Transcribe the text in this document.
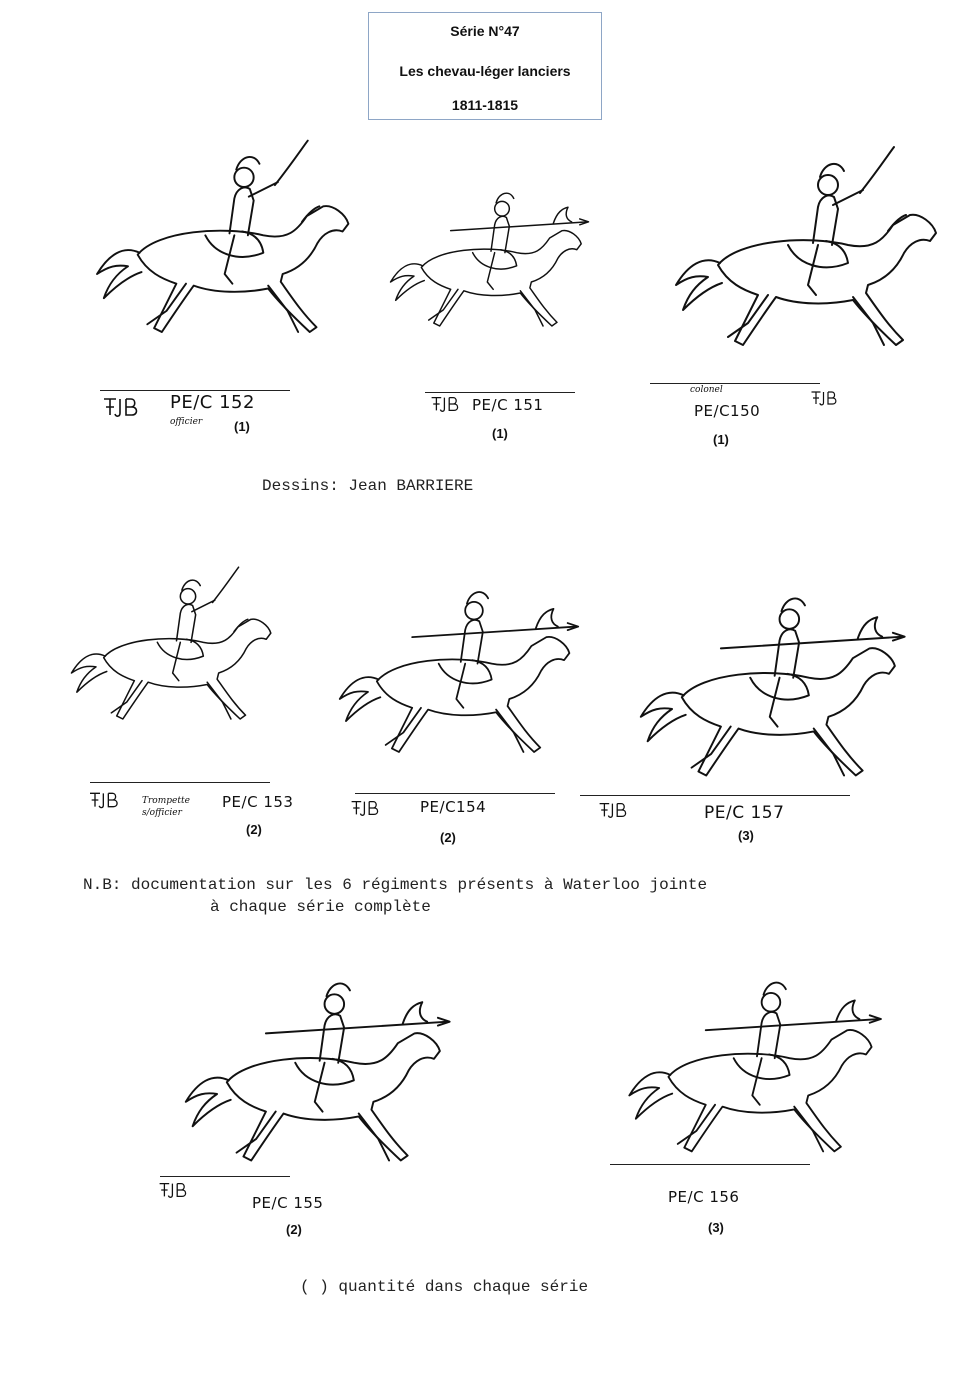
Série N°47
Les chevau-léger lanciers
1811-1815
PE/C 152
officier (1)
PE/C 151
(1)
colonel
PE/C150
(1)
Dessins: Jean BARRIERE
Trompette s/officier
PE/C 153
(2)
PE/C154
(2)
PE/C 157
(3)
N.B: documentation sur les 6 régiments présents à Waterloo jointe
à chaque série complète
PE/C 155
(2)
PE/C 156
(3)
( ) quantité dans chaque série
